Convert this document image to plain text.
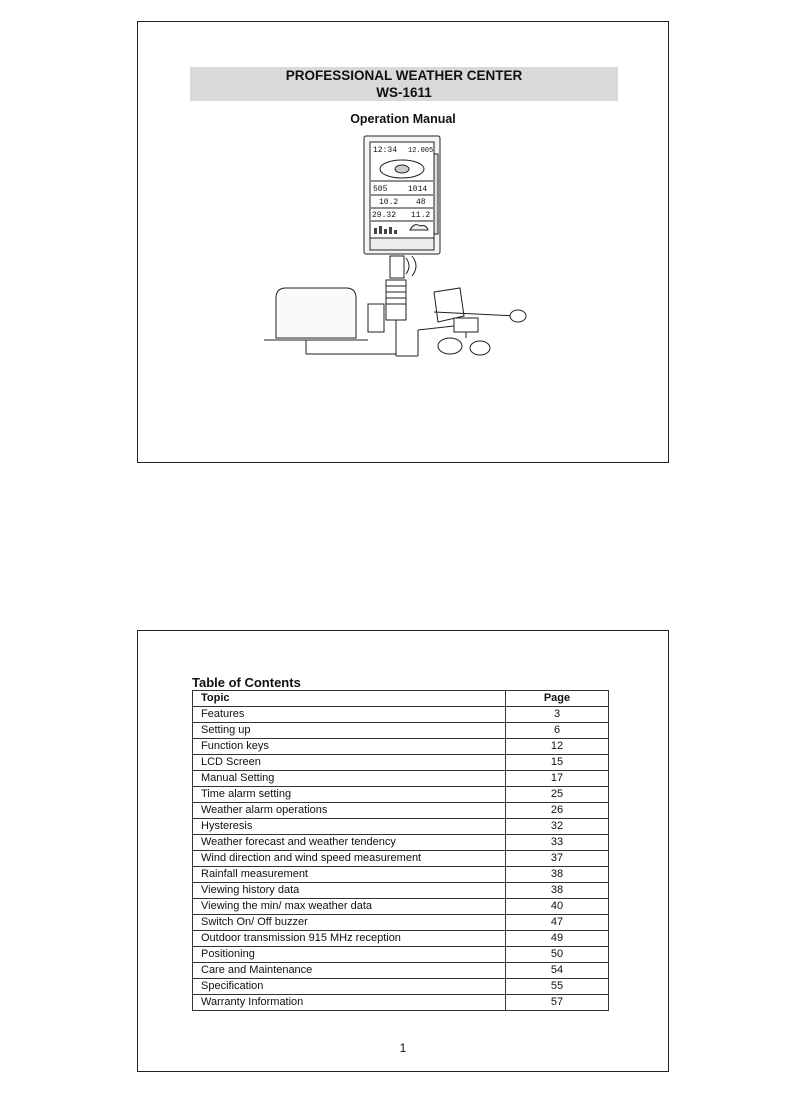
PROFESSIONAL WEATHER CENTER
WS-1611
Operation Manual
12:34 12.005
505	1014
10.2 48
29.32 11.2
Table of Contents
Topic	Page
Features	3
Setting up	6
Function keys	12
LCD Screen	15
Manual Setting	17
Time alarm setting	25
Weather alarm operations	26
Hysteresis	32
Weather forecast and weather tendency	33
Wind direction and wind speed measurement	37
Rainfall measurement	38
Viewing history data	38
Viewing the min/ max weather data	40
Switch On/ Off buzzer	47
Outdoor transmission 915 MHz reception	49
Positioning	50
Care and Maintenance	54
Specification	55
Warranty Information	57
1
